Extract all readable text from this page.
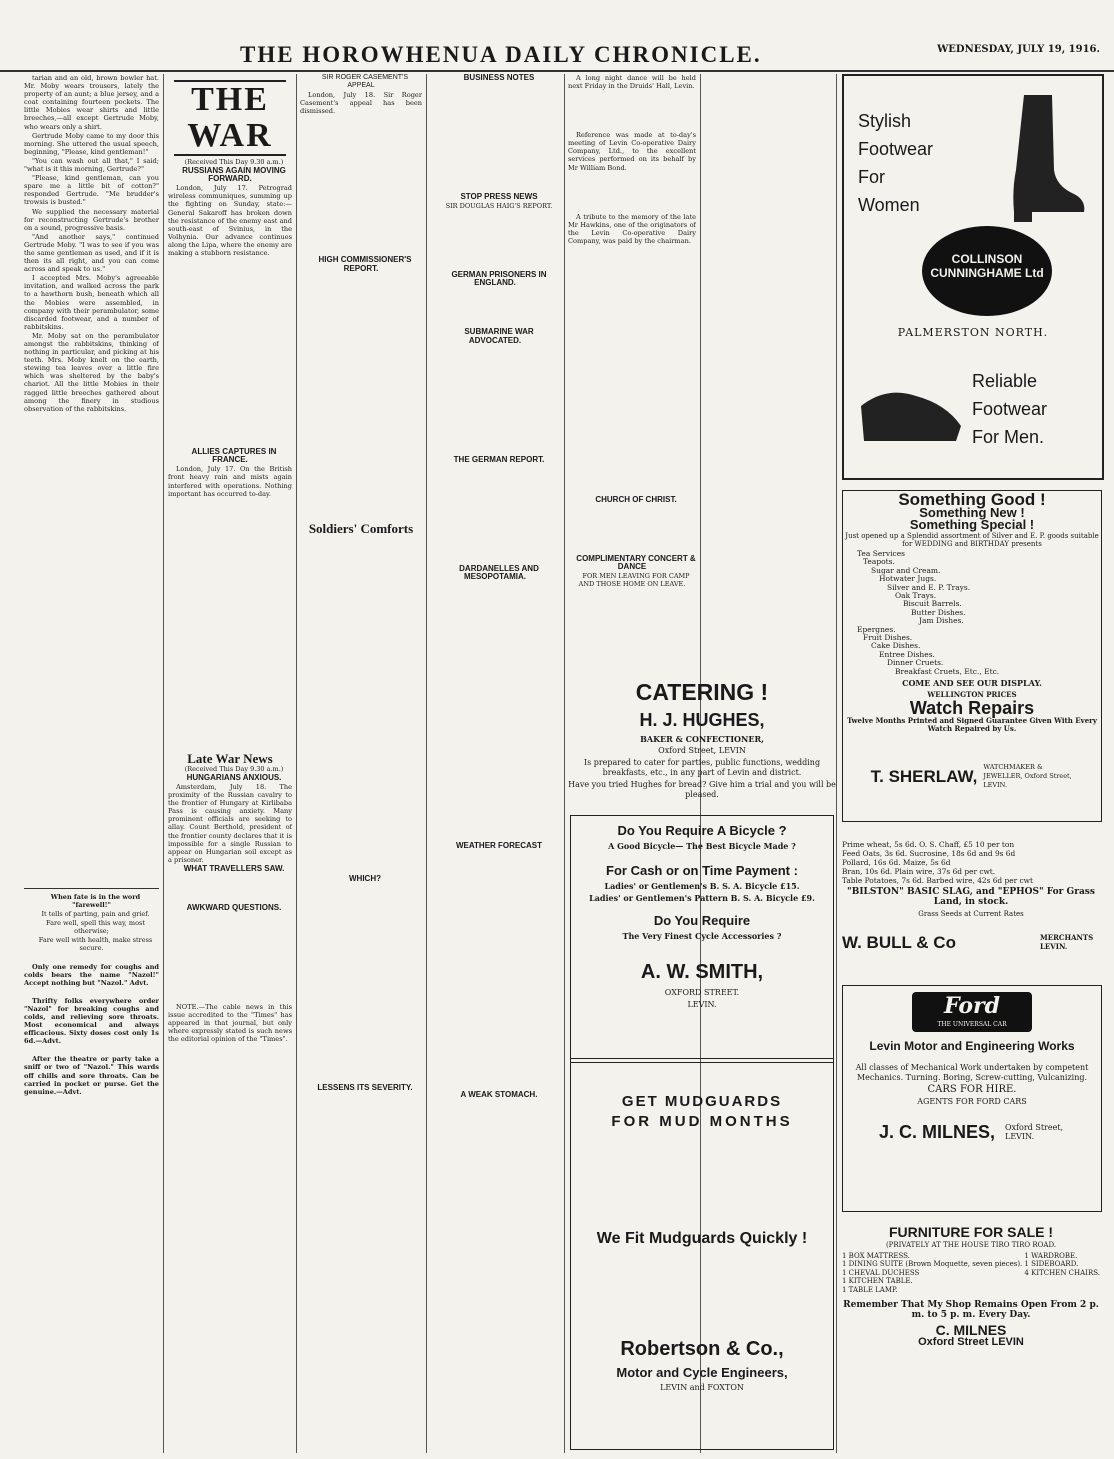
THE HOROWHENUA DAILY CHRONICLE.	WEDNESDAY, JULY 19, 1916.

tarian and an old, brown bowler hat. Mr. Moby wears trousers, lately the property of an aunt; a blue jersey, and a coat containing fourteen pockets. The little Mobies wear shirts and little breeches,—all except Gertrude Moby, who wears only a shirt.

Gertrude Moby came to my door this morning. She uttered the usual speech, beginning, "Please, kind gentleman!"

"You can wash out all that," I said; "what is it this morning, Gertrude?"

"Please, kind gentleman, can you spare me a little bit of cotton?" responded Gertrude. "Me brudder's trowsis is busted."

We supplied the necessary material for reconstructing Gertrude's brother on a sound, progressive basis.

"And another says," continued Gertrude Moby. "I was to see if you was the same gentleman as used, and if it is then its all right, and you can come across and speak to us."

I accepted Mrs. Moby's agreeable invitation, and walked across the park to a hawthorn bush, beneath which all the Mobies were assembled, in company with their perambulator, some discarded footwear, and a number of rabbitskins.

Mr. Moby sat on the perambulator amongst the rabbitskins, thinking of nothing in particular, and picking at his teeth. Mrs. Moby knelt on the earth, stewing tea leaves over a little fire which was sheltered by the baby's chariot. All the little Mobies in their ragged little breeches gathered about among the finery in studious observation of the rabbitskins.

When fate is in the word "farewell!"

It tells of parting, pain and grief.

Fare well, spell this way, most otherwise;

Fare well with health, make stress secure.

Only one remedy for coughs and colds bears the name "Nazol!" Accept nothing but "Nazol." Advt.

Thrifty folks everywhere order "Nazol" for breaking coughs and colds, and relieving sore throats. Most economical and always efficacious. Sixty doses cost only 1s 6d.—Advt.

After the theatre or party take a sniff or two of "Nazol." This wards off chills and sore throats. Can be carried in pocket or purse. Get the genuine.—Advt.

THE WAR

(Received This Day 9.30 a.m.)

RUSSIANS AGAIN MOVING FORWARD.

London, July 17. Petrograd wireless communiques, summing up the fighting on Sunday, state:—General Sakaroff has broken down the resistance of the enemy east and south-east of Svinius, in the Volhynia. Our advance continues along the Lipa, where the enemy are making a stubborn resistance.

ALLIES CAPTURES IN FRANCE.

London, July 17. On the British front heavy rain and mists again interfered with operations. Nothing important has occurred to-day.

Late War News

(Received This Day 9.30 a.m.)

HUNGARIANS ANXIOUS.

Amsterdam, July 18. The proximity of the Russian cavalry to the frontier of Hungary at Kirlibaba Pass is causing anxiety. Many prominent officials are seeking to allay. Count Berthold, president of the frontier county declares that it is impossible for a single Russian to appear on Hungarian soil except as a prisoner.

WHAT TRAVELLERS SAW.

AWKWARD QUESTIONS.

NOTE.—The cable news in this issue accredited to the "Times" has appeared in that journal, but only where expressly stated is such news the editorial opinion of the "Times".

SIR ROGER CASEMENT'S APPEAL

London, July 18. Sir Roger Casement's appeal has been dismissed.

HIGH COMMISSIONER'S REPORT.

Soldiers' Comforts

WHICH?

LESSENS ITS SEVERITY.

BUSINESS NOTES

STOP PRESS NEWS

SIR DOUGLAS HAIG'S REPORT.

GERMAN PRISONERS IN ENGLAND.

SUBMARINE WAR ADVOCATED.

THE GERMAN REPORT.

DARDANELLES AND MESOPOTAMIA.

WEATHER FORECAST

A WEAK STOMACH.

A long night dance will be held next Friday in the Druids' Hall, Levin.

Reference was made at to-day's meeting of Levin Co-operative Dairy Company, Ltd., to the excellent services performed on its behalf by Mr William Bond.

A tribute to the memory of the late Mr Hawkins, one of the originators of the Levin Co-operative Dairy Company, was paid by the chairman.

CHURCH OF CHRIST.

COMPLIMENTARY CONCERT & DANCE

FOR MEN LEAVING FOR CAMP AND THOSE HOME ON LEAVE.

CATERING !
H. J. HUGHES,
BAKER & CONFECTIONER,
Oxford Street, LEVIN
Is prepared to cater for parties, public functions, wedding breakfasts, etc., in any part of Levin and district.
Have you tried Hughes for bread? Give him a trial and you will be pleased.
Do You Require A Bicycle ?
A Good Bicycle— The Best Bicycle Made ?
For Cash or on Time Payment :
Ladies' or Gentlemen's B. S. A. Bicycle £15.
Ladies' or Gentlemen's Pattern B. S. A. Bicycle £9.
Do You Require
The Very Finest Cycle Accessories ?
A. W. SMITH,
OXFORD STREET.
LEVIN.
GET MUDGUARDS
FOR MUD MONTHS
We Fit Mudguards Quickly !
Robertson & Co.,
Motor and Cycle Engineers,
LEVIN and FOXTON
Stylish
Footwear
For
Women
COLLINSON
CUNNINGHAME Ltd
PALMERSTON NORTH.
Reliable
Footwear
For Men.
Something Good !
Something New !
Something Special !
Just opened up a Splendid assortment of Silver and E. P. goods suitable for WEDDING and BIRTHDAY presents
Tea Services
Teapots.
Sugar and Cream.
Hotwater Jugs.
Silver and E. P. Trays.
Oak Trays.
Biscuit Barrels.
Butter Dishes.
Jam Dishes.
Epergnes.
Fruit Dishes.
Cake Dishes.
Entree Dishes.
Dinner Cruets.
Breakfast Cruets, Etc., Etc.
COME AND SEE OUR DISPLAY.
WELLINGTON PRICES
Watch Repairs
Twelve Months Printed and Signed Guarantee Given With Every Watch Repaired by Us.
T. SHERLAW, WATCHMAKER & JEWELLER, Oxford Street, LEVIN.
Prime wheat, 5s 6d. O. S. Chaff, £5 10 per ton
Feed Oats, 3s 6d. Sucrosine, 18s 6d and 9s 6d
Pollard, 16s 6d. Maize, 5s 6d
Bran, 10s 6d. Plain wire, 37s 6d per cwt.
Table Potatoes, 7s 6d. Barbed wire, 42s 6d per cwt
"BILSTON" BASIC SLAG, and "EPHOS" For Grass Land, in stock.
Grass Seeds at Current Rates
W. BULL & Co	MERCHANTS LEVIN.
Ford
THE UNIVERSAL CAR
Levin Motor and Engineering Works
All classes of Mechanical Work undertaken by competent Mechanics. Turning. Boring, Screw-cutting, Vulcanizing.
CARS FOR HIRE.
AGENTS FOR FORD CARS
J. C. MILNES, Oxford Street, LEVIN.
FURNITURE FOR SALE !
(PRIVATELY AT THE HOUSE TIRO TIRO ROAD.
1 BOX MATTRESS.
1 DINING SUITE (Brown Moquette, seven pieces).
1 CHEVAL DUCHESS
1 KITCHEN TABLE.
1 TABLE LAMP.
1 WARDROBE.
1 SIDEBOARD.
4 KITCHEN CHAIRS.
Remember That My Shop Remains Open From 2 p. m. to 5 p. m. Every Day.
C. MILNES
Oxford Street LEVIN
